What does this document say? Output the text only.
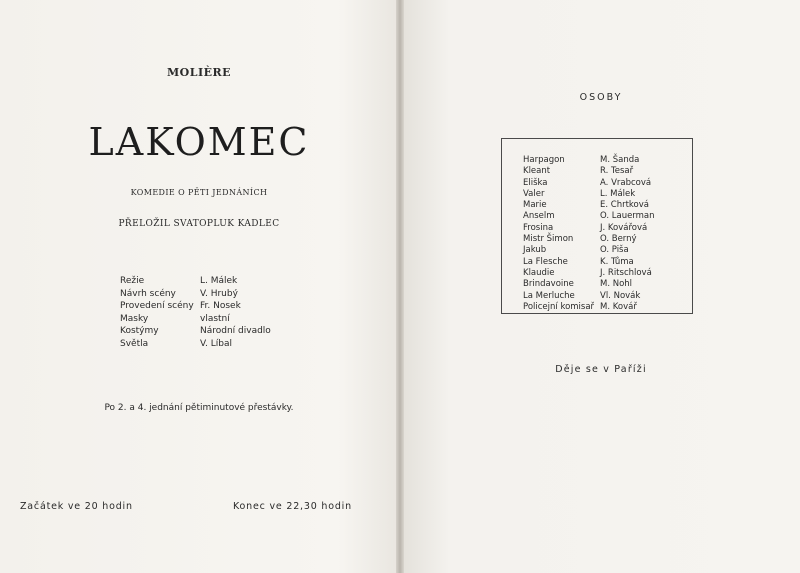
MOLIÈRE
LAKOMEC
KOMEDIE O PĚTI JEDNÁNÍCH
PŘELOŽIL SVATOPLUK KADLEC
Režie	L. Málek
Návrh scény	V. Hrubý
Provedení scény Fr. Nosek
Masky	vlastní
Kostýmy	Národní divadlo
Světla	V. Líbal
Po 2. a 4. jednání pětiminutové přestávky.
Začátek ve 20 hodin	Konec ve 22,30 hodin
OSOBY
Harpagon	M. Šanda
Kleant	R. Tesař
Eliška	A. Vrabcová
Valer	L. Málek
Marie	E. Chrtková
Anselm	O. Lauerman
Frosina	J. Kovářová
Mistr Šimon	O. Berný
Jakub	O. Piša
La Flesche	K. Tůma
Klaudie	J. Ritschlová
Brindavoine	M. Nohl
La Merluche	Vl. Novák
Policejní komisař M. Kovář
Děje se v Paříži
